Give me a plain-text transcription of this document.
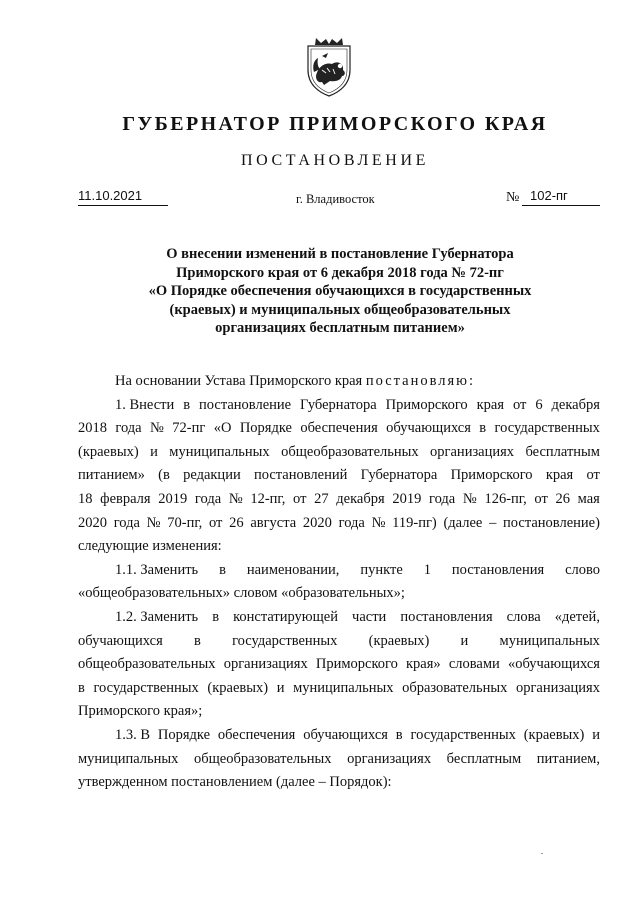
ГУБЕРНАТОР ПРИМОРСКОГО КРАЯ
ПОСТАНОВЛЕНИЕ
11.10.2021	г. Владивосток	№ 102-пг
О внесении изменений в постановление Губернатора
Приморского края от 6 декабря 2018 года № 72-пг
«О Порядке обеспечения обучающихся в государственных
(краевых) и муниципальных общеобразовательных
организациях бесплатным питанием»
На основании Устава Приморского края постановляю:
1. Внести в постановление Губернатора Приморского края от 6 декабря
2018 года № 72-пг «О Порядке обеспечения обучающихся в государственных
(краевых) и муниципальных общеобразовательных организациях бесплатным
питанием» (в редакции постановлений Губернатора Приморского края от
18 февраля 2019 года № 12-пг, от 27 декабря 2019 года № 126-пг, от 26 мая
2020 года № 70-пг, от 26 августа 2020 года № 119-пг) (далее – постановление)
следующие изменения:
1.1. Заменить в наименовании, пункте 1 постановления слово
«общеобразовательных» словом «образовательных»;
1.2. Заменить в констатирующей части постановления слова «детей,
обучающихся в государственных (краевых) и муниципальных
общеобразовательных организациях Приморского края» словами «обучающихся
в государственных (краевых) и муниципальных образовательных организациях
Приморского края»;
1.3. В Порядке обеспечения обучающихся в государственных (краевых) и
муниципальных общеобразовательных организациях бесплатным питанием,
утвержденном постановлением (далее – Порядок):
